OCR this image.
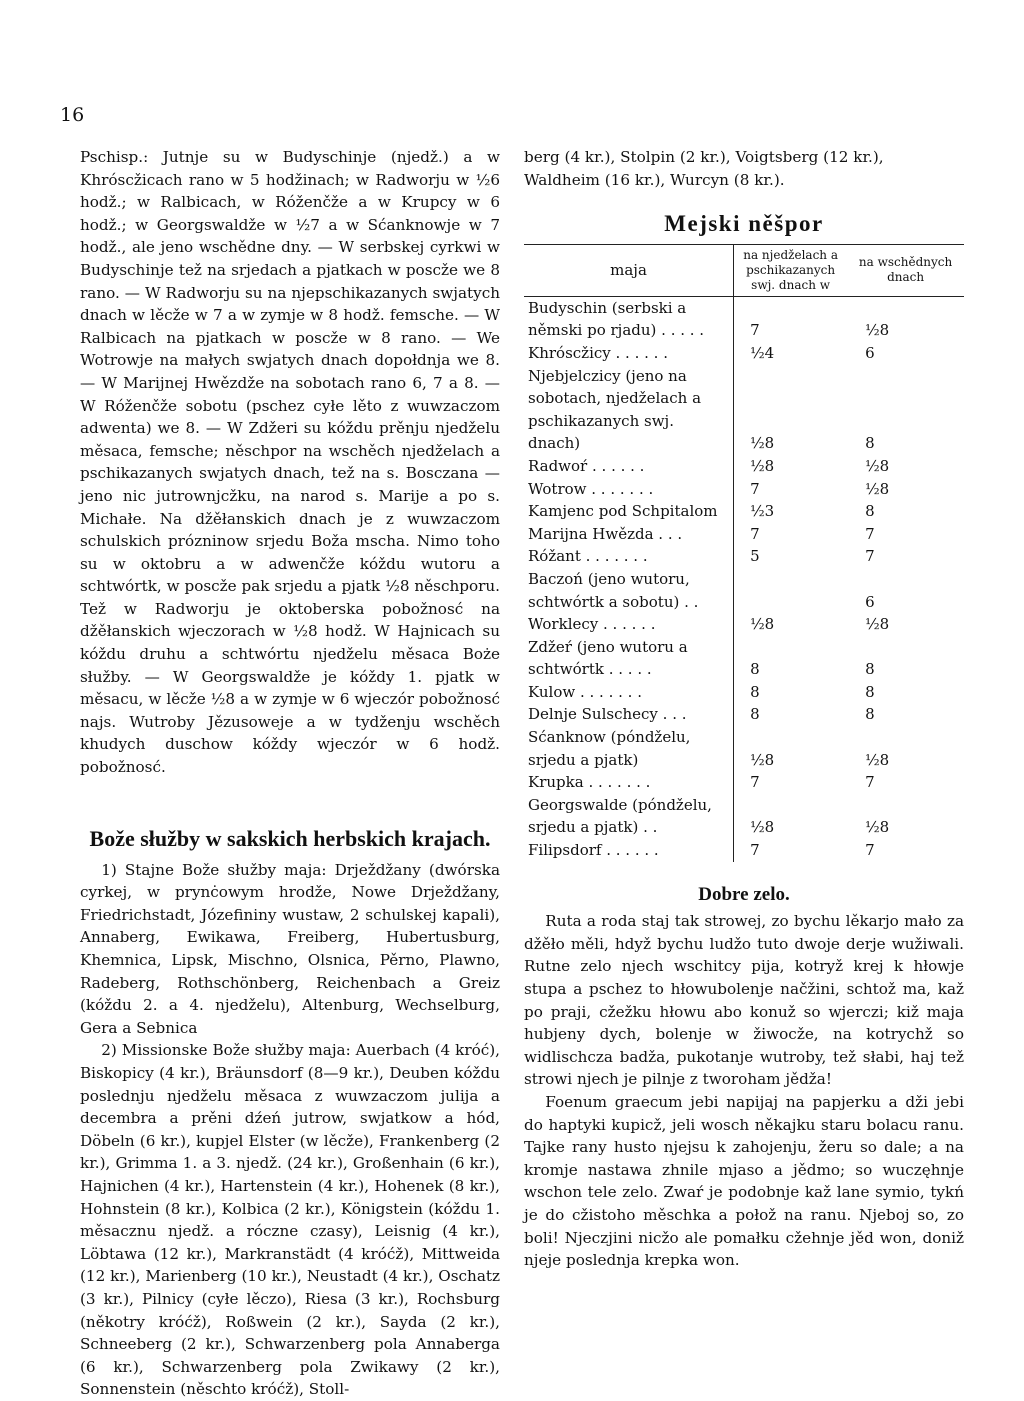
16

Pschisp.: Jutnje su w Budyschinje (njedž.) a w Khróscžicach rano w 5 hodžinach; w Radworju w ½6 hodž.; w Ralbicach, w Róženčže a w Krupcy w 6 hodž.; w Georgswaldže w ½7 a w Sćanknowje w 7 hodž., ale jeno wschědne dny. — W serbskej cyrkwi w Budyschinje tež na srjedach a pjatkach w poscže we 8 rano. — W Radworju su na njepschikazanych swjatych dnach w lěcže w 7 a w zymje w 8 hodž. femsche. — W Ralbicach na pjatkach w poscže w 8 rano. — We Wotrowje na małych swjatych dnach dopołdnja we 8. — W Marijnej Hwězdže na sobotach rano 6, 7 a 8. — W Róženčže sobotu (pschez cyłe lěto z wuwzaczom adwenta) we 8. — W Zdžeri su kóždu prěnju njedželu měsaca, femsche; něschpor na wschěch njedželach a pschikazanych swjatych dnach, tež na s. Bosczana — jeno nic jutrownjcžku, na narod s. Marije a po s. Michałe. Na džěłanskich dnach je z wuwzaczom schulskich prózninow srjedu Boža mscha. Nimo toho su w oktobru a w adwenčže kóždu wutoru a schtwórtk, w poscže pak srjedu a pjatk ½8 něschporu. Tež w Radworju je oktoberska pobožnosć na džěłanskich wjeczorach w ½8 hodž. W Hajnicach su kóždu druhu a schtwórtu njedželu měsaca Boże słužby. — W Georgswaldže je kóždy 1. pjatk w měsacu, w lěcže ½8 a w zymje w 6 wjeczór pobožnosć najs. Wutroby Jězusoweje a w tydženju wschěch khudych duschow kóždy wjeczór w 6 hodž. pobožnosć.

Bože słužby w sakskich herbskich krajach.

1) Stajne Bože słužby maja: Drježdžany (dwórska cyrkej, w prynċowym hrodže, Nowe Drježdžany, Friedrichstadt, Józefininy wustaw, 2 schulskej kapali), Annaberg, Ewikawa, Freiberg, Hubertusburg, Khemnica, Lipsk, Mischno, Olsnica, Pěrno, Plawno, Radeberg, Rothschönberg, Reichenbach a Greiz (kóždu 2. a 4. njedželu), Altenburg, Wechselburg, Gera a Sebnica

2) Missionske Bože słužby maja: Auerbach (4 króć), Biskopicy (4 kr.), Bräunsdorf (8—9 kr.), Deuben kóždu poslednju njedželu měsaca z wuwzaczom julija a decembra a prěni dźeń jutrow, swjatkow a hód, Döbeln (6 kr.), kupjel Elster (w lěcže), Frankenberg (2 kr.), Grimma 1. a 3. njedž. (24 kr.), Großenhain (6 kr.), Hajnichen (4 kr.), Hartenstein (4 kr.), Hohenek (8 kr.), Hohnstein (8 kr.), Kolbica (2 kr.), Königstein (kóždu 1. měsacznu njedž. a róczne czasy), Leisnig (4 kr.), Löbtawa (12 kr.), Markranstädt (4 króćž), Mittweida (12 kr.), Marienberg (10 kr.), Neustadt (4 kr.), Oschatz (3 kr.), Pilnicy (cyłe lěczo), Riesa (3 kr.), Rochsburg (někotry króćž), Roßwein (2 kr.), Sayda (2 kr.), Schneeberg (2 kr.), Schwarzenberg pola Annaberga (6 kr.), Schwarzenberg pola Zwikawy (2 kr.), Sonnenstein (něschto króćž), Stoll-

berg (4 kr.), Stolpin (2 kr.), Voigtsberg (12 kr.), Waldheim (16 kr.), Wurcyn (8 kr.).

Mejski něšpor
maja	na njedželach a pschikazanych swj. dnach w	na wschědnych dnach
Budyschin (serbski a němski po rjadu) . . . . .	7	½8
Khróscžicy . . . . . .	½4	6
Njebjelczicy (jeno na sobotach, njedželach a pschikazanych swj. dnach)	½8	8
Radwoŕ . . . . . .	½8	½8
Wotrow . . . . . . .	7	½8
Kamjenc pod Schpitalom	½3	8
Marijna Hwězda . . .	7	7
Róžant . . . . . . .	5	7
Baczoń (jeno wutoru, schtwórtk a sobotu) . .		6
Worklecy . . . . . .	½8	½8
Zdžeŕ (jeno wutoru a schtwórtk . . . . .	8	8
Kulow . . . . . . .	8	8
Delnje Sulschecy . . .	8	8
Sćanknow (póndželu, srjedu a pjatk)	½8	½8
Krupka . . . . . . .	7	7
Georgswalde (póndželu, srjedu a pjatk) . .	½8	½8
Filipsdorf . . . . . .	7	7
Dobre zelo.

Ruta a roda staj tak strowej, zo bychu lěkarjo mało za džěło měli, hdyž bychu ludžo tuto dwoje derje wužiwali. Rutne zelo njech wschitcy pija, kotryž krej k hłowje stupa a pschez to hłowubolenje načžini, schtož ma, kaž po praji, cžežku hłowu abo konuž so wjerczi; kiž maja hubjeny dych, bolenje w žiwocže, na kotrychž so widlischcza badža, pukotanje wutroby, tež słabi, haj tež strowi njech je pilnje z tworoham jědža!

Foenum graecum jebi napijaj na papjerku a dži jebi do haptyki kupicž, jeli wosch někajku staru bolacu ranu. Tajke rany husto njejsu k zahojenju, žeru so dale; a na kromje nastawa zhnile mjaso a jědmo; so wuczęhnje wschon tele zelo. Zwaŕ je podobnje kaž lane symio, tykń je do cžistoho měschka a połož na ranu. Njeboj so, zo boli! Njeczjini nicžo ale pomałku cžehnje jěd won, doniž njeje poslednja krepka won.
